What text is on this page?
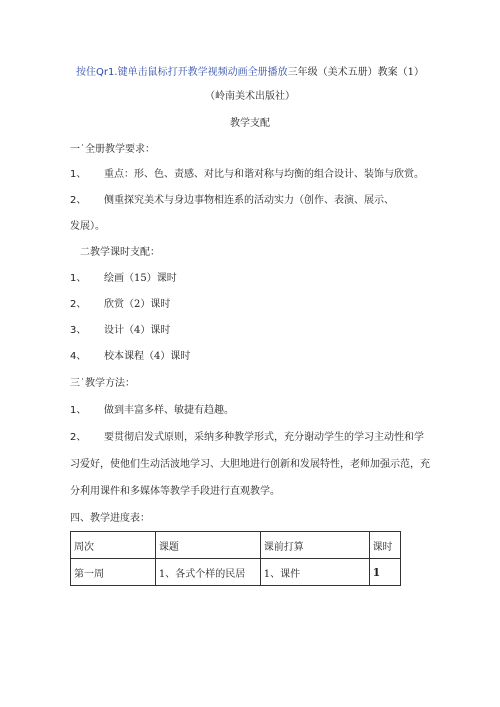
按住Qr1.键单击鼠标打开教学视频动画全册播放三年级（美术五册）教案（1）
（岭南美术出版社）
教学支配
一˙全册教学要求：
1、 重点：形、色、责感、对比与和谐对称与均衡的组合设计、装饰与欣赏。
2、 侧重探究美术与身边事物相连系的活动实力（创作、表演、展示、
发展）。
二教学课时支配：
1、 绘画（15）课时
2、 欣赏（2）课时
3、 设计（4）课时
4、 校本课程（4）课时
三˙教学方法：
1、 做到丰富多样、敏捷有趋趣。
2、 要贯彻启发式原则，采纳多种教学形式，充分谢动学生的学习主动性和学
习爱好，使他们生动活波地学习、大胆地进行创新和发展特性，老师加强示范，充
分利用课件和多媒体等教学手段进行直观教学。
四、教学进度表：
周次	课题	课前打算	课时
第一周	1、各式个样的民居	1、课件	1
